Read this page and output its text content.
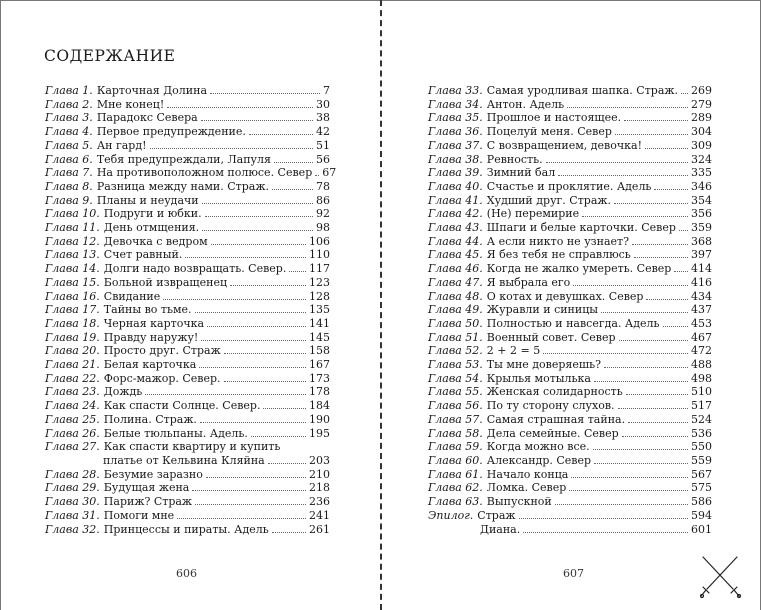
СОДЕРЖАНИЕ
Глава 1. Карточная Долина	7
Глава 2. Мне конец!	30
Глава 3. Парадокс Севера	38
Глава 4. Первое предупреждение.	42
Глава 5. Ан гард!	51
Глава 6. Тебя предупреждали, Лапуля	56
Глава 7. На противоположном полюсе. Север 67
Глава 8. Разница между нами. Страж.	78
Глава 9. Планы и неудачи	86
Глава 10. Подруги и юбки.	92
Глава 11. День отмщения.	98
Глава 12. Девочка с ведром	106
Глава 13. Счет равный.	110
Глава 14. Долги надо возвращать. Север. 117
Глава 15. Больной извращенец	123
Глава 16. Свидание	128
Глава 17. Тайны во тьме.	135
Глава 18. Черная карточка	141
Глава 19. Правду наружу!	145
Глава 20. Просто друг. Страж	158
Глава 21. Белая карточка	167
Глава 22. Форс-мажор. Север.	173
Глава 23. Дождь	178
Глава 24. Как спасти Солнце. Север.	184
Глава 25. Полина. Страж.	190
Глава 26. Белые тюльпаны. Адель.	195
Глава 27. Как спасти квартиру и купить
платье от Кельвина Кляйна	203
Глава 28. Безумие заразно	210
Глава 29. Будущая жена	218
Глава 30. Париж? Страж	236
Глава 31. Помоги мне	241
Глава 32. Принцессы и пираты. Адель	261
Глава 33. Самая уродливая шапка. Страж. 269
Глава 34. Антон. Адель	279
Глава 35. Прошлое и настоящее.	289
Глава 36. Поцелуй меня. Север	304
Глава 37. С возвращением, девочка!	309
Глава 38. Ревность.	324
Глава 39. Зимний бал	335
Глава 40. Счастье и проклятие. Адель	346
Глава 41. Худший друг. Страж.	354
Глава 42. (Не) перемирие	356
Глава 43. Шпаги и белые карточки. Север 359
Глава 44. А если никто не узнает?	368
Глава 45. Я без тебя не справлюсь	397
Глава 46. Когда не жалко умереть. Север 414
Глава 47. Я выбрала его	416
Глава 48. О котах и девушках. Север	434
Глава 49. Журавли и синицы	437
Глава 50. Полностью и навсегда. Адель	453
Глава 51. Военный совет. Север	467
Глава 52. 2 + 2 = 5	472
Глава 53. Ты мне доверяешь?	488
Глава 54. Крылья мотылька	498
Глава 55. Женская солидарность	510
Глава 56. По ту сторону слухов.	517
Глава 57. Самая страшная тайна.	524
Глава 58. Дела семейные. Север	536
Глава 59. Когда можно все.	550
Глава 60. Александр. Север	559
Глава 61. Начало конца	567
Глава 62. Ломка. Север	575
Глава 63. Выпускной	586
Эпилог. Страж	594
Диана.	601
606	607
